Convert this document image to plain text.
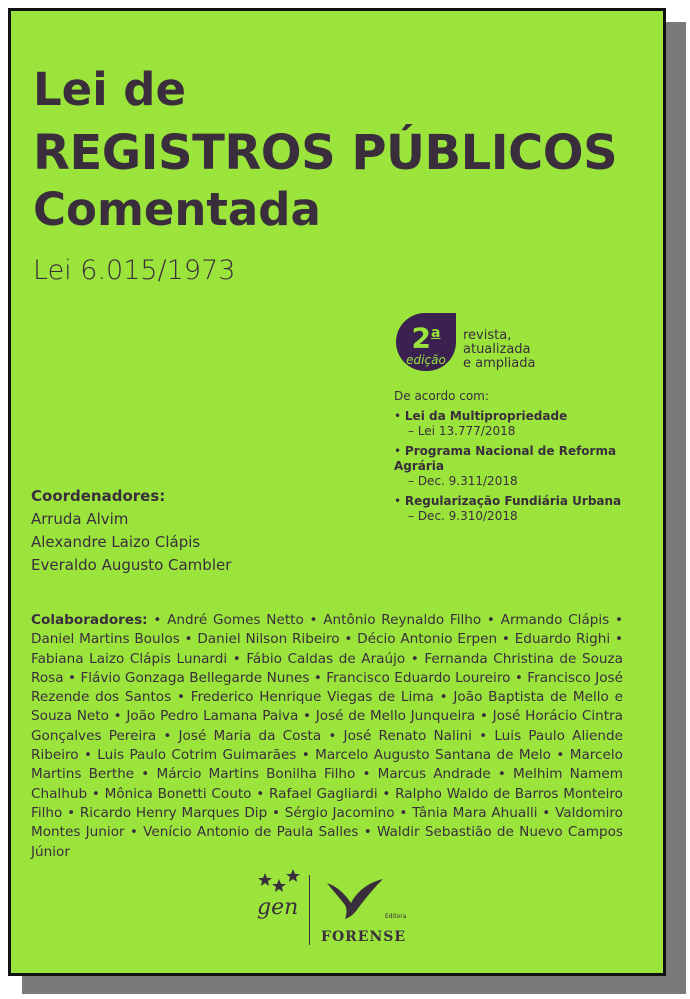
Lei de
REGISTROS PÚBLICOS
Comentada
Lei 6.015/1973
2$^a$
edição
revista,
atualizada
e ampliada
De acordo com:
• Lei da Multipropriedade
– Lei 13.777/2018
• Programa Nacional de Reforma Agrária
– Dec. 9.311/2018
• Regularização Fundiária Urbana
– Dec. 9.310/2018
Coordenadores:
Arruda Alvim
Alexandre Laizo Clápis
Everaldo Augusto Cambler
Colaboradores: • André Gomes Netto • Antônio Reynaldo Filho • Armando Clápis • Daniel Martins Boulos • Daniel Nilson Ribeiro • Décio Antonio Erpen • Eduardo Righi • Fabiana Laizo Clápis Lunardi • Fábio Caldas de Araújo • Fernanda Christina de Souza Rosa • Flávio Gonzaga Bellegarde Nunes • Francisco Eduardo Loureiro • Francisco José Rezende dos Santos • Frederico Henrique Viegas de Lima • João Baptista de Mello e Souza Neto • João Pedro Lamana Paiva • José de Mello Junqueira • José Horácio Cintra Gonçalves Pereira • José Maria da Costa • José Renato Nalini • Luis Paulo Aliende Ribeiro • Luis Paulo Cotrim Guimarães • Marcelo Augusto Santana de Melo • Marcelo Martins Berthe • Márcio Martins Bonilha Filho • Marcus Andrade • Melhim Namem Chalhub • Mônica Bonetti Couto • Rafael Gagliardi • Ralpho Waldo de Barros Monteiro Filho • Ricardo Henry Marques Dip • Sérgio Jacomino • Tânia Mara Ahualli • Valdomiro Montes Junior • Venício Antonio de Paula Salles • Waldir Sebastião de Nuevo Campos Júnior
gen	Editora
FORENSE
